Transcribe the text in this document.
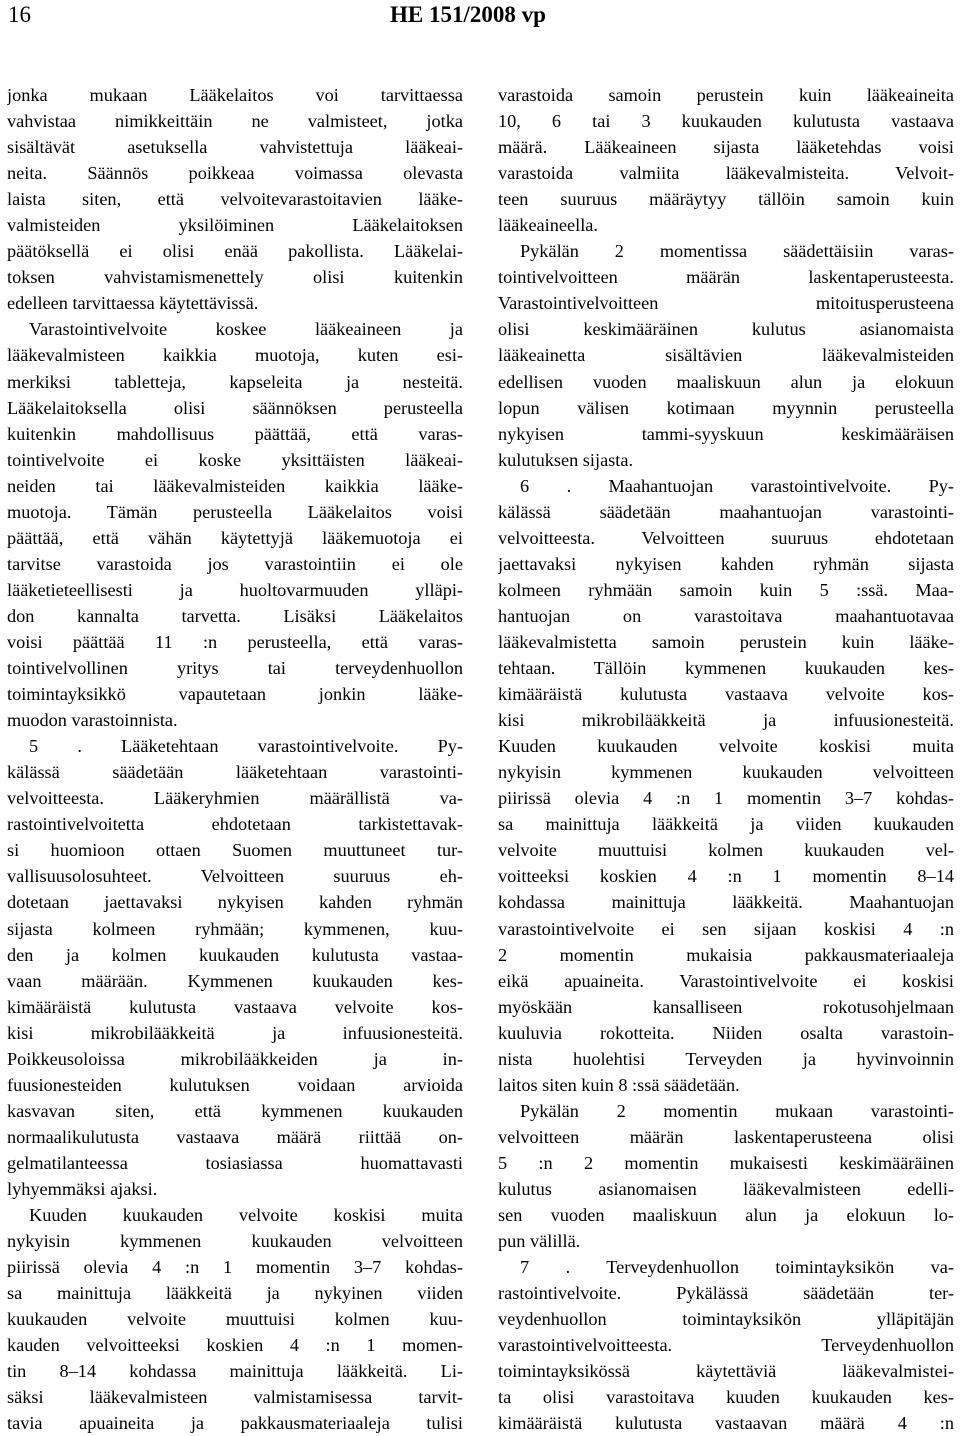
16	HE 151/2008 vp
jonka mukaan Lääkelaitos voi tarvittaessa
vahvistaa nimikkeittäin ne valmisteet, jotka
sisältävät asetuksella vahvistettuja lääkeai-
neita. Säännös poikkeaa voimassa olevasta
laista siten, että velvoitevarastoitavien lääke-
valmisteiden yksilöiminen Lääkelaitoksen
päätöksellä ei olisi enää pakollista. Lääkelai-
toksen vahvistamismenettely olisi kuitenkin
edelleen tarvittaessa käytettävissä.
Varastointivelvoite koskee lääkeaineen ja
lääkevalmisteen kaikkia muotoja, kuten esi-
merkiksi tabletteja, kapseleita ja nesteitä.
Lääkelaitoksella olisi säännöksen perusteella
kuitenkin mahdollisuus päättää, että varas-
tointivelvoite ei koske yksittäisten lääkeai-
neiden tai lääkevalmisteiden kaikkia lääke-
muotoja. Tämän perusteella Lääkelaitos voisi
päättää, että vähän käytettyjä lääkemuotoja ei
tarvitse varastoida jos varastointiin ei ole
lääketieteellisesti ja huoltovarmuuden ylläpi-
don kannalta tarvetta. Lisäksi Lääkelaitos
voisi päättää 11 :n perusteella, että varas-
tointivelvollinen yritys tai terveydenhuollon
toimintayksikkö vapautetaan jonkin lääke-
muodon varastoinnista.
5 . Lääketehtaan varastointivelvoite. Py-
kälässä säädetään lääketehtaan varastointi-
velvoitteesta. Lääkeryhmien määrällistä va-
rastointivelvoitetta ehdotetaan tarkistettavak-
si huomioon ottaen Suomen muuttuneet tur-
vallisuusolosuhteet. Velvoitteen suuruus eh-
dotetaan jaettavaksi nykyisen kahden ryhmän
sijasta kolmeen ryhmään; kymmenen, kuu-
den ja kolmen kuukauden kulutusta vastaa-
vaan määrään. Kymmenen kuukauden kes-
kimääräistä kulutusta vastaava velvoite kos-
kisi mikrobilääkkeitä ja infuusionesteitä.
Poikkeusoloissa mikrobilääkkeiden ja in-
fuusionesteiden kulutuksen voidaan arvioida
kasvavan siten, että kymmenen kuukauden
normaalikulutusta vastaava määrä riittää on-
gelmatilanteessa tosiasiassa huomattavasti
lyhyemmäksi ajaksi.
Kuuden kuukauden velvoite koskisi muita
nykyisin kymmenen kuukauden velvoitteen
piirissä olevia 4 :n 1 momentin 3–7 kohdas-
sa mainittuja lääkkeitä ja nykyinen viiden
kuukauden velvoite muuttuisi kolmen kuu-
kauden velvoitteeksi koskien 4 :n 1 momen-
tin 8–14 kohdassa mainittuja lääkkeitä. Li-
säksi lääkevalmisteen valmistamisessa tarvit-
tavia apuaineita ja pakkausmateriaaleja tulisi
varastoida samoin perustein kuin lääkeaineita
10, 6 tai 3 kuukauden kulutusta vastaava
määrä. Lääkeaineen sijasta lääketehdas voisi
varastoida valmiita lääkevalmisteita. Velvoit-
teen suuruus määräytyy tällöin samoin kuin
lääkeaineella.
Pykälän 2 momentissa säädettäisiin varas-
tointivelvoitteen määrän laskentaperusteesta.
Varastointivelvoitteen mitoitusperusteena
olisi keskimääräinen kulutus asianomaista
lääkeainetta sisältävien lääkevalmisteiden
edellisen vuoden maaliskuun alun ja elokuun
lopun välisen kotimaan myynnin perusteella
nykyisen tammi-syyskuun keskimääräisen
kulutuksen sijasta.
6 . Maahantuojan varastointivelvoite. Py-
kälässä säädetään maahantuojan varastointi-
velvoitteesta. Velvoitteen suuruus ehdotetaan
jaettavaksi nykyisen kahden ryhmän sijasta
kolmeen ryhmään samoin kuin 5 :ssä. Maa-
hantuojan on varastoitava maahantuotavaa
lääkevalmistetta samoin perustein kuin lääke-
tehtaan. Tällöin kymmenen kuukauden kes-
kimääräistä kulutusta vastaava velvoite kos-
kisi mikrobilääkkeitä ja infuusionesteitä.
Kuuden kuukauden velvoite koskisi muita
nykyisin kymmenen kuukauden velvoitteen
piirissä olevia 4 :n 1 momentin 3–7 kohdas-
sa mainittuja lääkkeitä ja viiden kuukauden
velvoite muuttuisi kolmen kuukauden vel-
voitteeksi koskien 4 :n 1 momentin 8–14
kohdassa mainittuja lääkkeitä. Maahantuojan
varastointivelvoite ei sen sijaan koskisi 4 :n
2 momentin mukaisia pakkausmateriaaleja
eikä apuaineita. Varastointivelvoite ei koskisi
myöskään kansalliseen rokotusohjelmaan
kuuluvia rokotteita. Niiden osalta varastoin-
nista huolehtisi Terveyden ja hyvinvoinnin
laitos siten kuin 8 :ssä säädetään.
Pykälän 2 momentin mukaan varastointi-
velvoitteen määrän laskentaperusteena olisi
5 :n 2 momentin mukaisesti keskimääräinen
kulutus asianomaisen lääkevalmisteen edelli-
sen vuoden maaliskuun alun ja elokuun lo-
pun välillä.
7 . Terveydenhuollon toimintayksikön va-
rastointivelvoite. Pykälässä säädetään ter-
veydenhuollon toimintayksikön ylläpitäjän
varastointivelvoitteesta. Terveydenhuollon
toimintayksikössä käytettäviä lääkevalmistei-
ta olisi varastoitava kuuden kuukauden kes-
kimääräistä kulutusta vastaavan määrä 4 :n
